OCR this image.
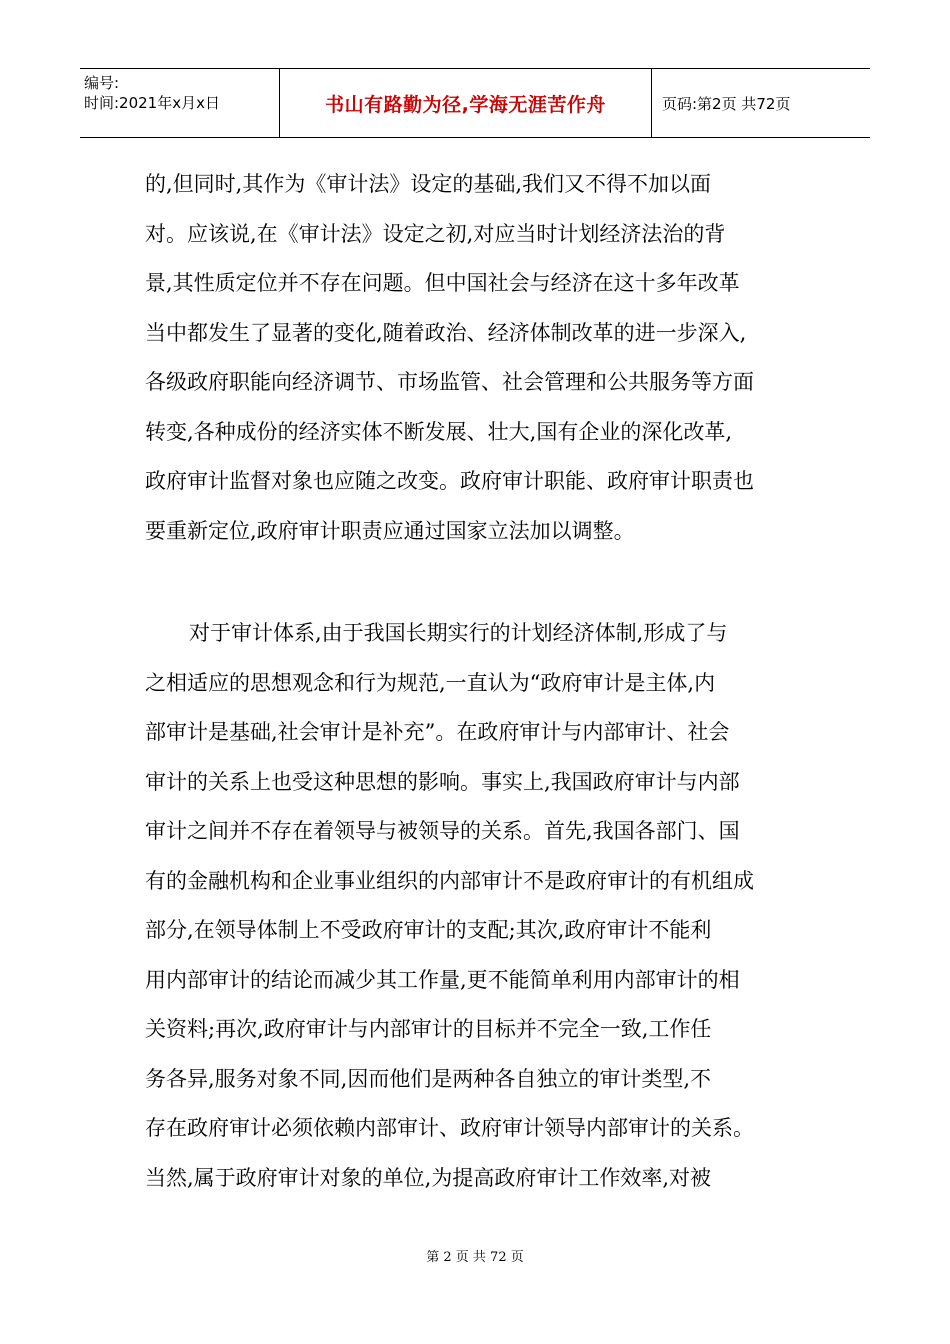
编号:
时间:2021年x月x日	书山有路勤为径,学海无涯苦作舟	页码:第2页 共72页
的,但同时,其作为《审计法》设定的基础,我们又不得不加以面
对。应该说,在《审计法》设定之初,对应当时计划经济法治的背
景,其性质定位并不存在问题。但中国社会与经济在这十多年改革
当中都发生了显著的变化,随着政治、经济体制改革的进一步深入,
各级政府职能向经济调节、市场监管、社会管理和公共服务等方面
转变,各种成份的经济实体不断发展、壮大,国有企业的深化改革,
政府审计监督对象也应随之改变。政府审计职能、政府审计职责也
要重新定位,政府审计职责应通过国家立法加以调整。
对于审计体系,由于我国长期实行的计划经济体制,形成了与
之相适应的思想观念和行为规范,一直认为“政府审计是主体,内
部审计是基础,社会审计是补充”。在政府审计与内部审计、社会
审计的关系上也受这种思想的影响。事实上,我国政府审计与内部
审计之间并不存在着领导与被领导的关系。首先,我国各部门、国
有的金融机构和企业事业组织的内部审计不是政府审计的有机组成
部分,在领导体制上不受政府审计的支配;其次,政府审计不能利
用内部审计的结论而减少其工作量,更不能简单利用内部审计的相
关资料;再次,政府审计与内部审计的目标并不完全一致,工作任
务各异,服务对象不同,因而他们是两种各自独立的审计类型,不
存在政府审计必须依赖内部审计、政府审计领导内部审计的关系。
当然,属于政府审计对象的单位,为提高政府审计工作效率,对被
第 2 页 共 72 页
